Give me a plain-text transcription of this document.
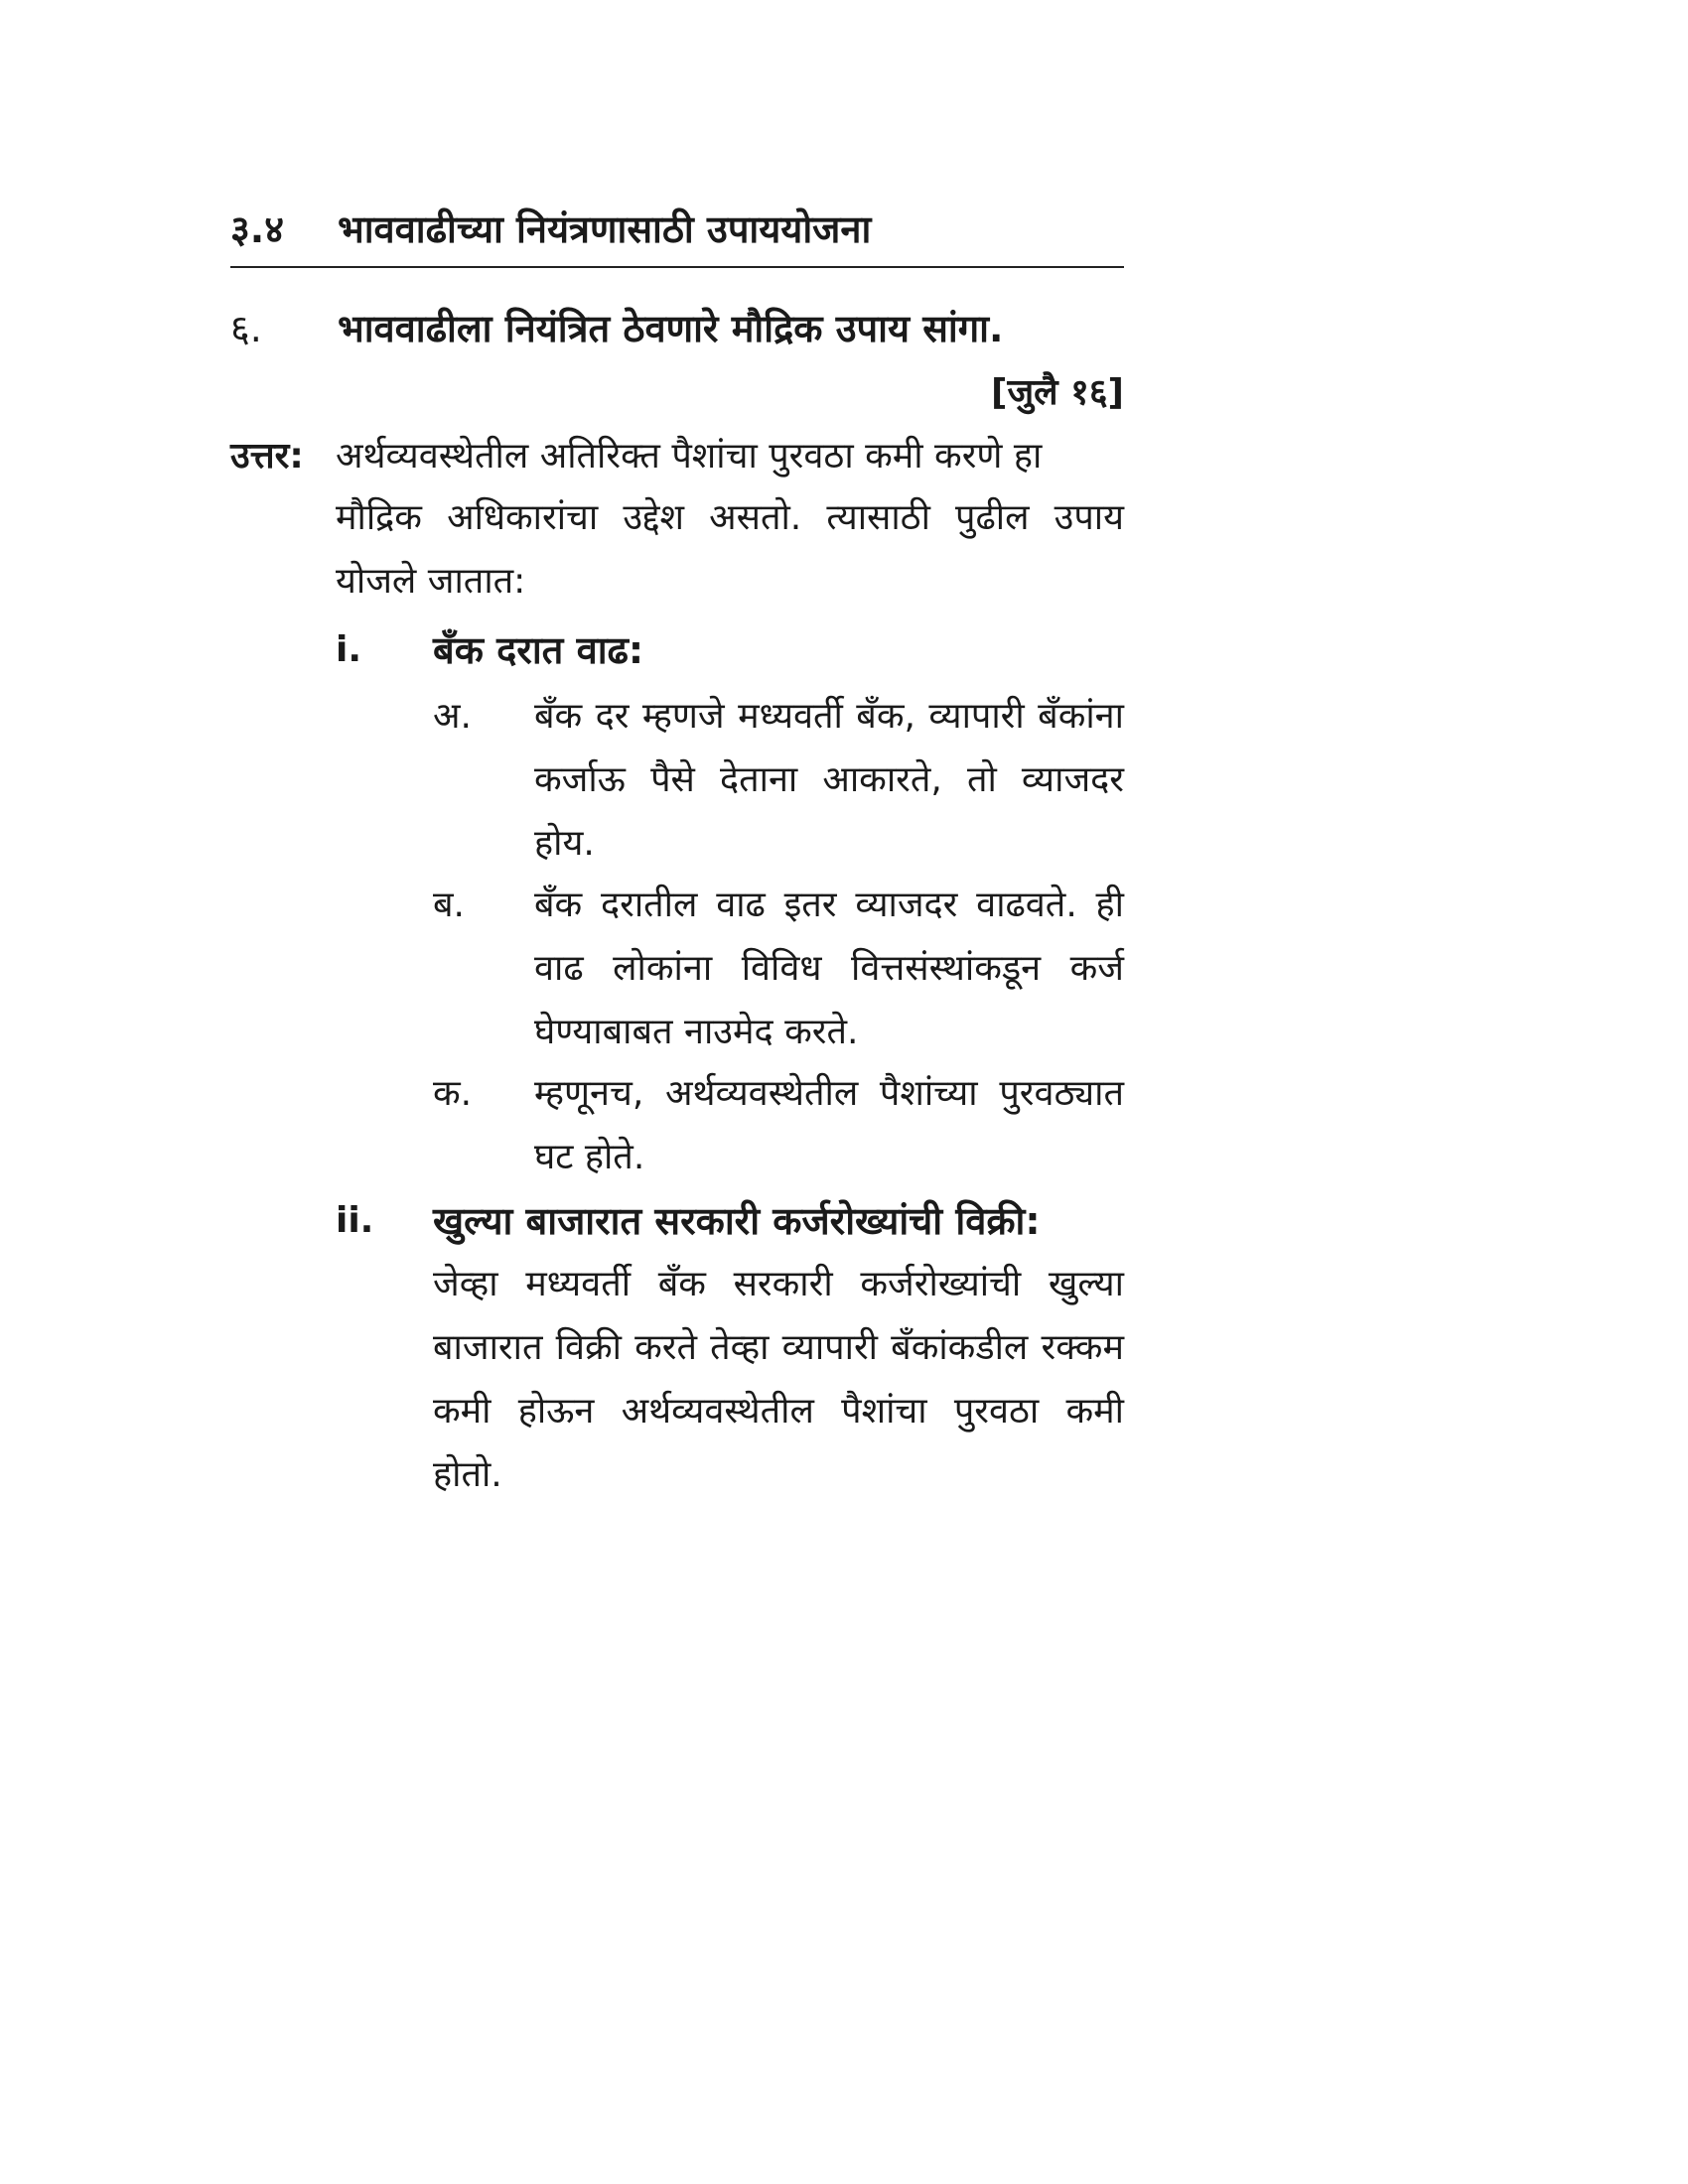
३.४	भाववाढीच्या नियंत्रणासाठी उपाययोजना
६.	भाववाढीला नियंत्रित ठेवणारे मौद्रिक उपाय सांगा.
[जुलै १६]
उत्तर: अर्थव्यवस्थेतील अतिरिक्त पैशांचा पुरवठा कमी करणे हा
मौद्रिक अधिकारांचा उद्देश असतो. त्यासाठी पुढील उपाय योजले जातात:
i.	बँक दरात वाढ:
अ.	बँक दर म्हणजे मध्यवर्ती बँक, व्यापारी बँकांना कर्जाऊ पैसे देताना आकारते, तो व्याजदर होय.
ब.	बँक दरातील वाढ इतर व्याजदर वाढवते. ही वाढ लोकांना विविध वित्तसंस्थांकडून कर्ज घेण्याबाबत नाउमेद करते.
क.	म्हणूनच, अर्थव्यवस्थेतील पैशांच्या पुरवठ्यात घट होते.
ii.	खुल्या बाजारात सरकारी कर्जरोख्यांची विक्री:
जेव्हा मध्यवर्ती बँक सरकारी कर्जरोख्यांची खुल्या बाजारात विक्री करते तेव्हा व्यापारी बँकांकडील रक्कम कमी होऊन अर्थव्यवस्थेतील पैशांचा पुरवठा कमी होतो.
